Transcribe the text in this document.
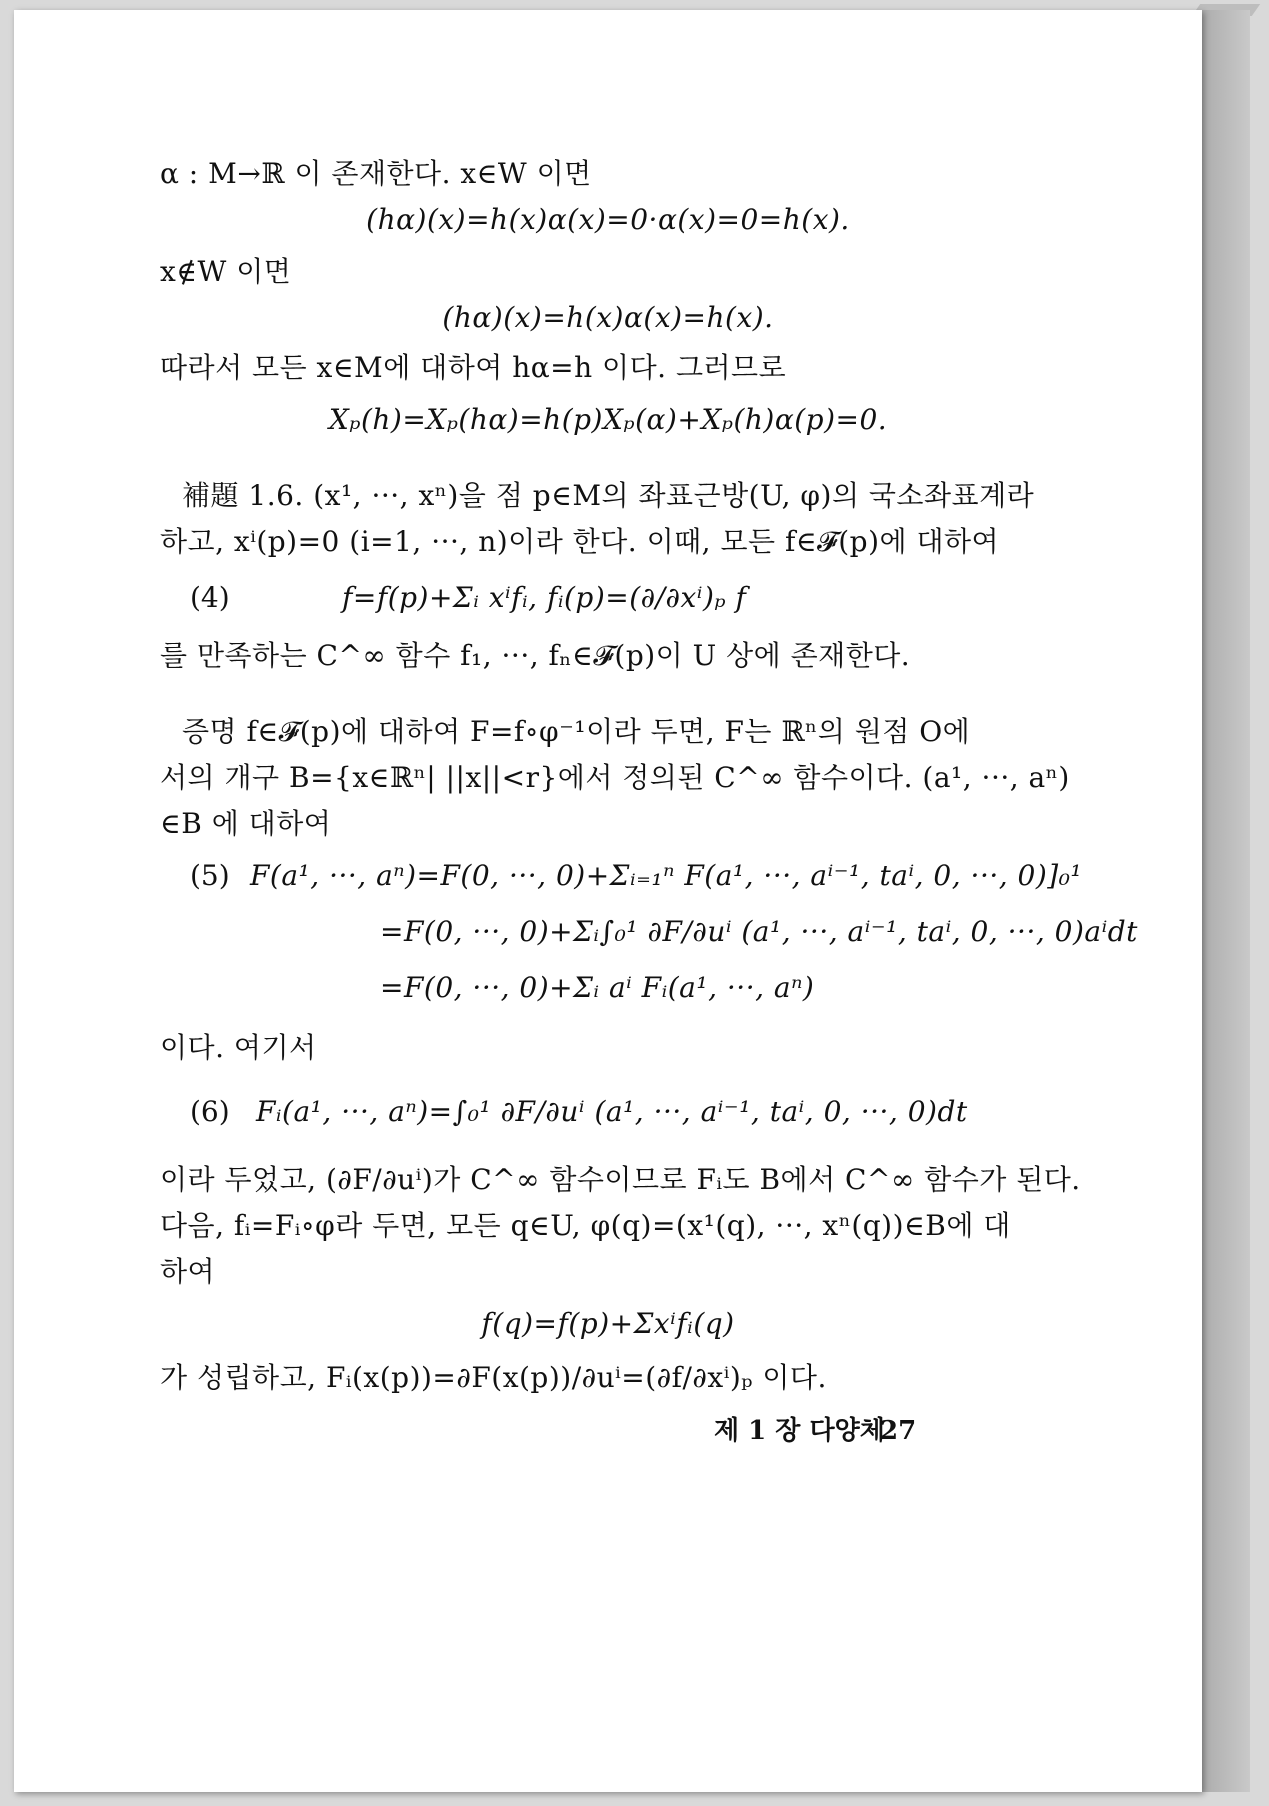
α : M→ℝ 이 존재한다. x∈W 이면
(hα)(x)=h(x)α(x)=0·α(x)=0=h(x).
x∉W 이면
(hα)(x)=h(x)α(x)=h(x).
따라서 모든 x∈M에 대하여 hα=h 이다. 그러므로
Xₚ(h)=Xₚ(hα)=h(p)Xₚ(α)+Xₚ(h)α(p)=0.
補題 1.6. (x¹, ···, xⁿ)을 점 p∈M의 좌표근방(U, φ)의 국소좌표계라
하고, xⁱ(p)=0 (i=1, ···, n)이라 한다. 이때, 모든 f∈𝓕(p)에 대하여
(4)	f=f(p)+Σᵢ xⁱfᵢ, fᵢ(p)=(∂/∂xⁱ)ₚ f
를 만족하는 C^∞ 함수 f₁, ···, fₙ∈𝓕(p)이 U 상에 존재한다.
증명 f∈𝓕(p)에 대하여 F=f∘φ⁻¹이라 두면, F는 ℝⁿ의 원점 O에
서의 개구 B={x∈ℝⁿ| ||x||<r}에서 정의된 C^∞ 함수이다. (a¹, ···, aⁿ)
∈B 에 대하여
(5) F(a¹, ···, aⁿ)=F(0, ···, 0)+Σᵢ₌₁ⁿ F(a¹, ···, aⁱ⁻¹, taⁱ, 0, ···, 0)]₀¹
=F(0, ···, 0)+Σᵢ∫₀¹ ∂F/∂uⁱ (a¹, ···, aⁱ⁻¹, taⁱ, 0, ···, 0)aⁱdt
=F(0, ···, 0)+Σᵢ aⁱ Fᵢ(a¹, ···, aⁿ)
이다. 여기서
(6) Fᵢ(a¹, ···, aⁿ)=∫₀¹ ∂F/∂uⁱ (a¹, ···, aⁱ⁻¹, taⁱ, 0, ···, 0)dt
이라 두었고, (∂F/∂uⁱ)가 C^∞ 함수이므로 Fᵢ도 B에서 C^∞ 함수가 된다.
다음, fᵢ=Fᵢ∘φ라 두면, 모든 q∈U, φ(q)=(x¹(q), ···, xⁿ(q))∈B에 대
하여
f(q)=f(p)+Σxⁱfᵢ(q)
가 성립하고, Fᵢ(x(p))=∂F(x(p))/∂uⁱ=(∂f/∂xⁱ)ₚ 이다.
제 1 장 다양체
27
